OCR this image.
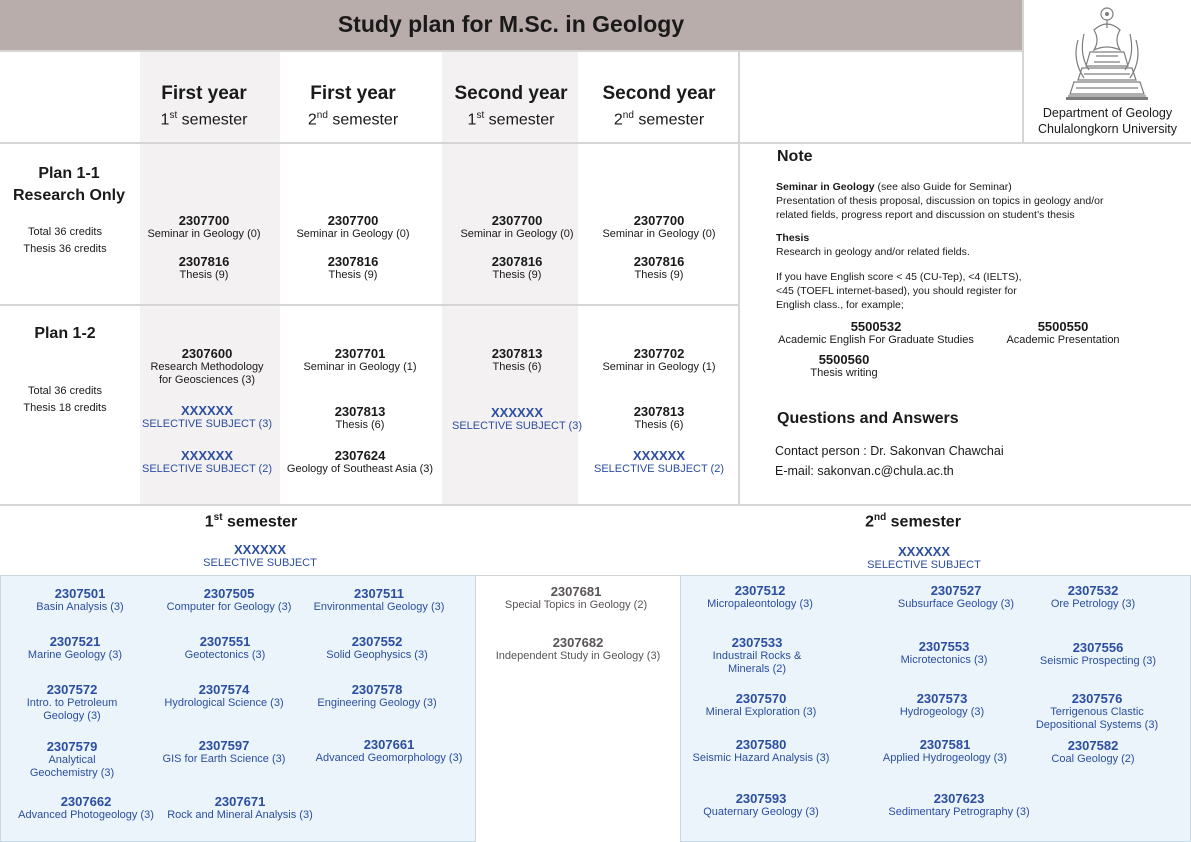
Study plan for M.Sc. in Geology
Department of Geology
Chulalongkorn University
First year
1st semester
First year
2nd semester
Second year
1st semester
Second year
2nd semester
Plan 1-1
Research Only
Total 36 credits
Thesis 36 credits
2307700
Seminar in Geology (0)
2307816
Thesis (9)
2307700
Seminar in Geology (0)
2307816
Thesis (9)
2307700
Seminar in Geology (0)
2307816
Thesis (9)
2307700
Seminar in Geology (0)
2307816
Thesis (9)
Plan 1-2
Total 36 credits
Thesis 18 credits
2307600
Research Methodology
for Geosciences (3)
XXXXXX
SELECTIVE SUBJECT (3)
XXXXXX
SELECTIVE SUBJECT (2)
2307701
Seminar in Geology (1)
2307813
Thesis (6)
2307624
Geology of Southeast Asia (3)
2307813
Thesis (6)
XXXXXX
SELECTIVE SUBJECT (3)
2307702
Seminar in Geology (1)
2307813
Thesis (6)
XXXXXX
SELECTIVE SUBJECT (2)
Note
Seminar in Geology (see also Guide for Seminar)
Presentation of thesis proposal, discussion on topics in geology and/or
related fields, progress report and discussion on student’s thesis
Thesis
Research in geology and/or related fields.
If you have English score < 45 (CU-Tep), <4 (IELTS),
<45 (TOEFL internet-based), you should register for
English class., for example;
5500532
Academic English For Graduate Studies
5500550
Academic Presentation
5500560
Thesis writing
Questions and Answers
Contact person : Dr. Sakonvan Chawchai
E-mail: sakonvan.c@chula.ac.th
1st semester
XXXXXX
SELECTIVE SUBJECT
2nd semester
XXXXXX
SELECTIVE SUBJECT
2307501
Basin Analysis (3)
2307505
Computer for Geology (3)
2307511
Environmental Geology (3)
2307521
Marine Geology (3)
2307551
Geotectonics (3)
2307552
Solid Geophysics (3)
2307572
Intro. to Petroleum
Geology (3)
2307574
Hydrological Science (3)
2307578
Engineering Geology (3)
2307579
Analytical
Geochemistry (3)
2307597
GIS for Earth Science (3)
2307661
Advanced Geomorphology (3)
2307662
Advanced Photogeology (3)
2307671
Rock and Mineral Analysis (3)
2307681
Special Topics in Geology (2)
2307682
Independent Study in Geology (3)
2307512
Micropaleontology (3)
2307527
Subsurface Geology (3)
2307532
Ore Petrology (3)
2307533
Industrail Rocks &
Minerals (2)
2307553
Microtectonics (3)
2307556
Seismic Prospecting (3)
2307570
Mineral Exploration (3)
2307573
Hydrogeology (3)
2307576
Terrigenous Clastic
Depositional Systems (3)
2307580
Seismic Hazard Analysis (3)
2307581
Applied Hydrogeology (3)
2307582
Coal Geology (2)
2307593
Quaternary Geology (3)
2307623
Sedimentary Petrography (3)
